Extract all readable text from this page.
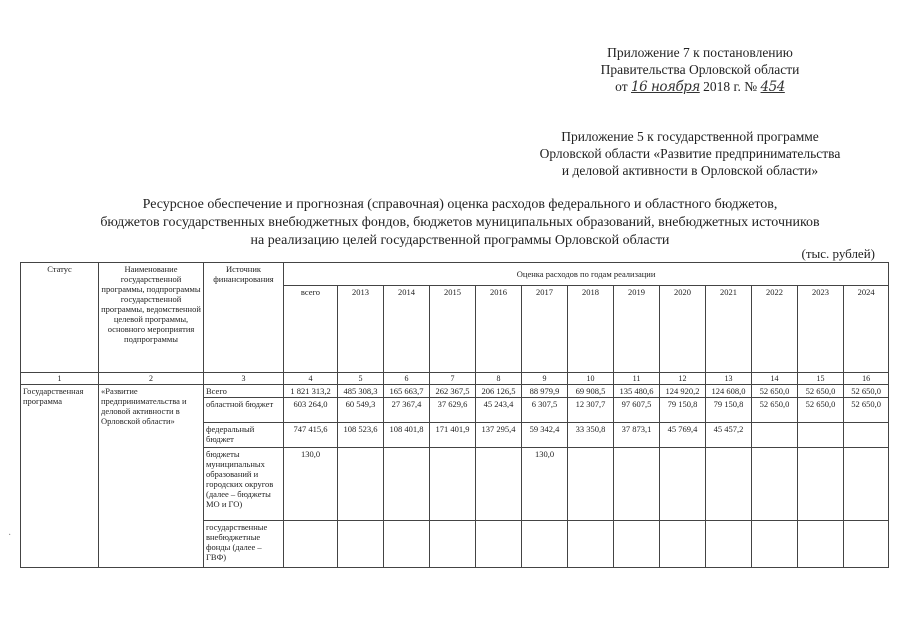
Приложение 7 к постановлению
Правительства Орловской области
от 16 ноября 2018 г. № 454
Приложение 5 к государственной программе
Орловской области «Развитие предпринимательства
и деловой активности в Орловской области»
Ресурсное обеспечение и прогнозная (справочная) оценка расходов федерального и областного бюджетов,
бюджетов государственных внебюджетных фондов, бюджетов муниципальных образований, внебюджетных источников
на реализацию целей государственной программы Орловской области
(тыс. рублей)
Статус	Наименование государственной программы, подпрограммы государственной программы, ведомственной целевой программы, основного мероприятия подпрограммы	Источник финансирования	Оценка расходов по годам реализации												
			всего	2013	2014	2015	2016	2017	2018	2019	2020	2021	2022	2023	2024
1	2	3	4	5	6	7	8	9	10	11	12	13	14	15	16
Государственная программа	«Развитие предпринимательства и деловой активности в Орловской области»	Всего	1 821 313,2	485 308,3	165 663,7	262 367,5	206 126,5	88 979,9	69 908,5	135 480,6	124 920,2	124 608,0	52 650,0	52 650,0	52 650,0
		областной бюджет	603 264,0	60 549,3	27 367,4	37 629,6	45 243,4	6 307,5	12 307,7	97 607,5	79 150,8	79 150,8	52 650,0	52 650,0	52 650,0
		федеральный бюджет	747 415,6	108 523,6	108 401,8	171 401,9	137 295,4	59 342,4	33 350,8	37 873,1	45 769,4	45 457,2			
		бюджеты муниципальных образований и городских округов (далее – бюджеты МО и ГО)	130,0					130,0							
		государственные внебюджетные фонды (далее – ГВФ)													
·
